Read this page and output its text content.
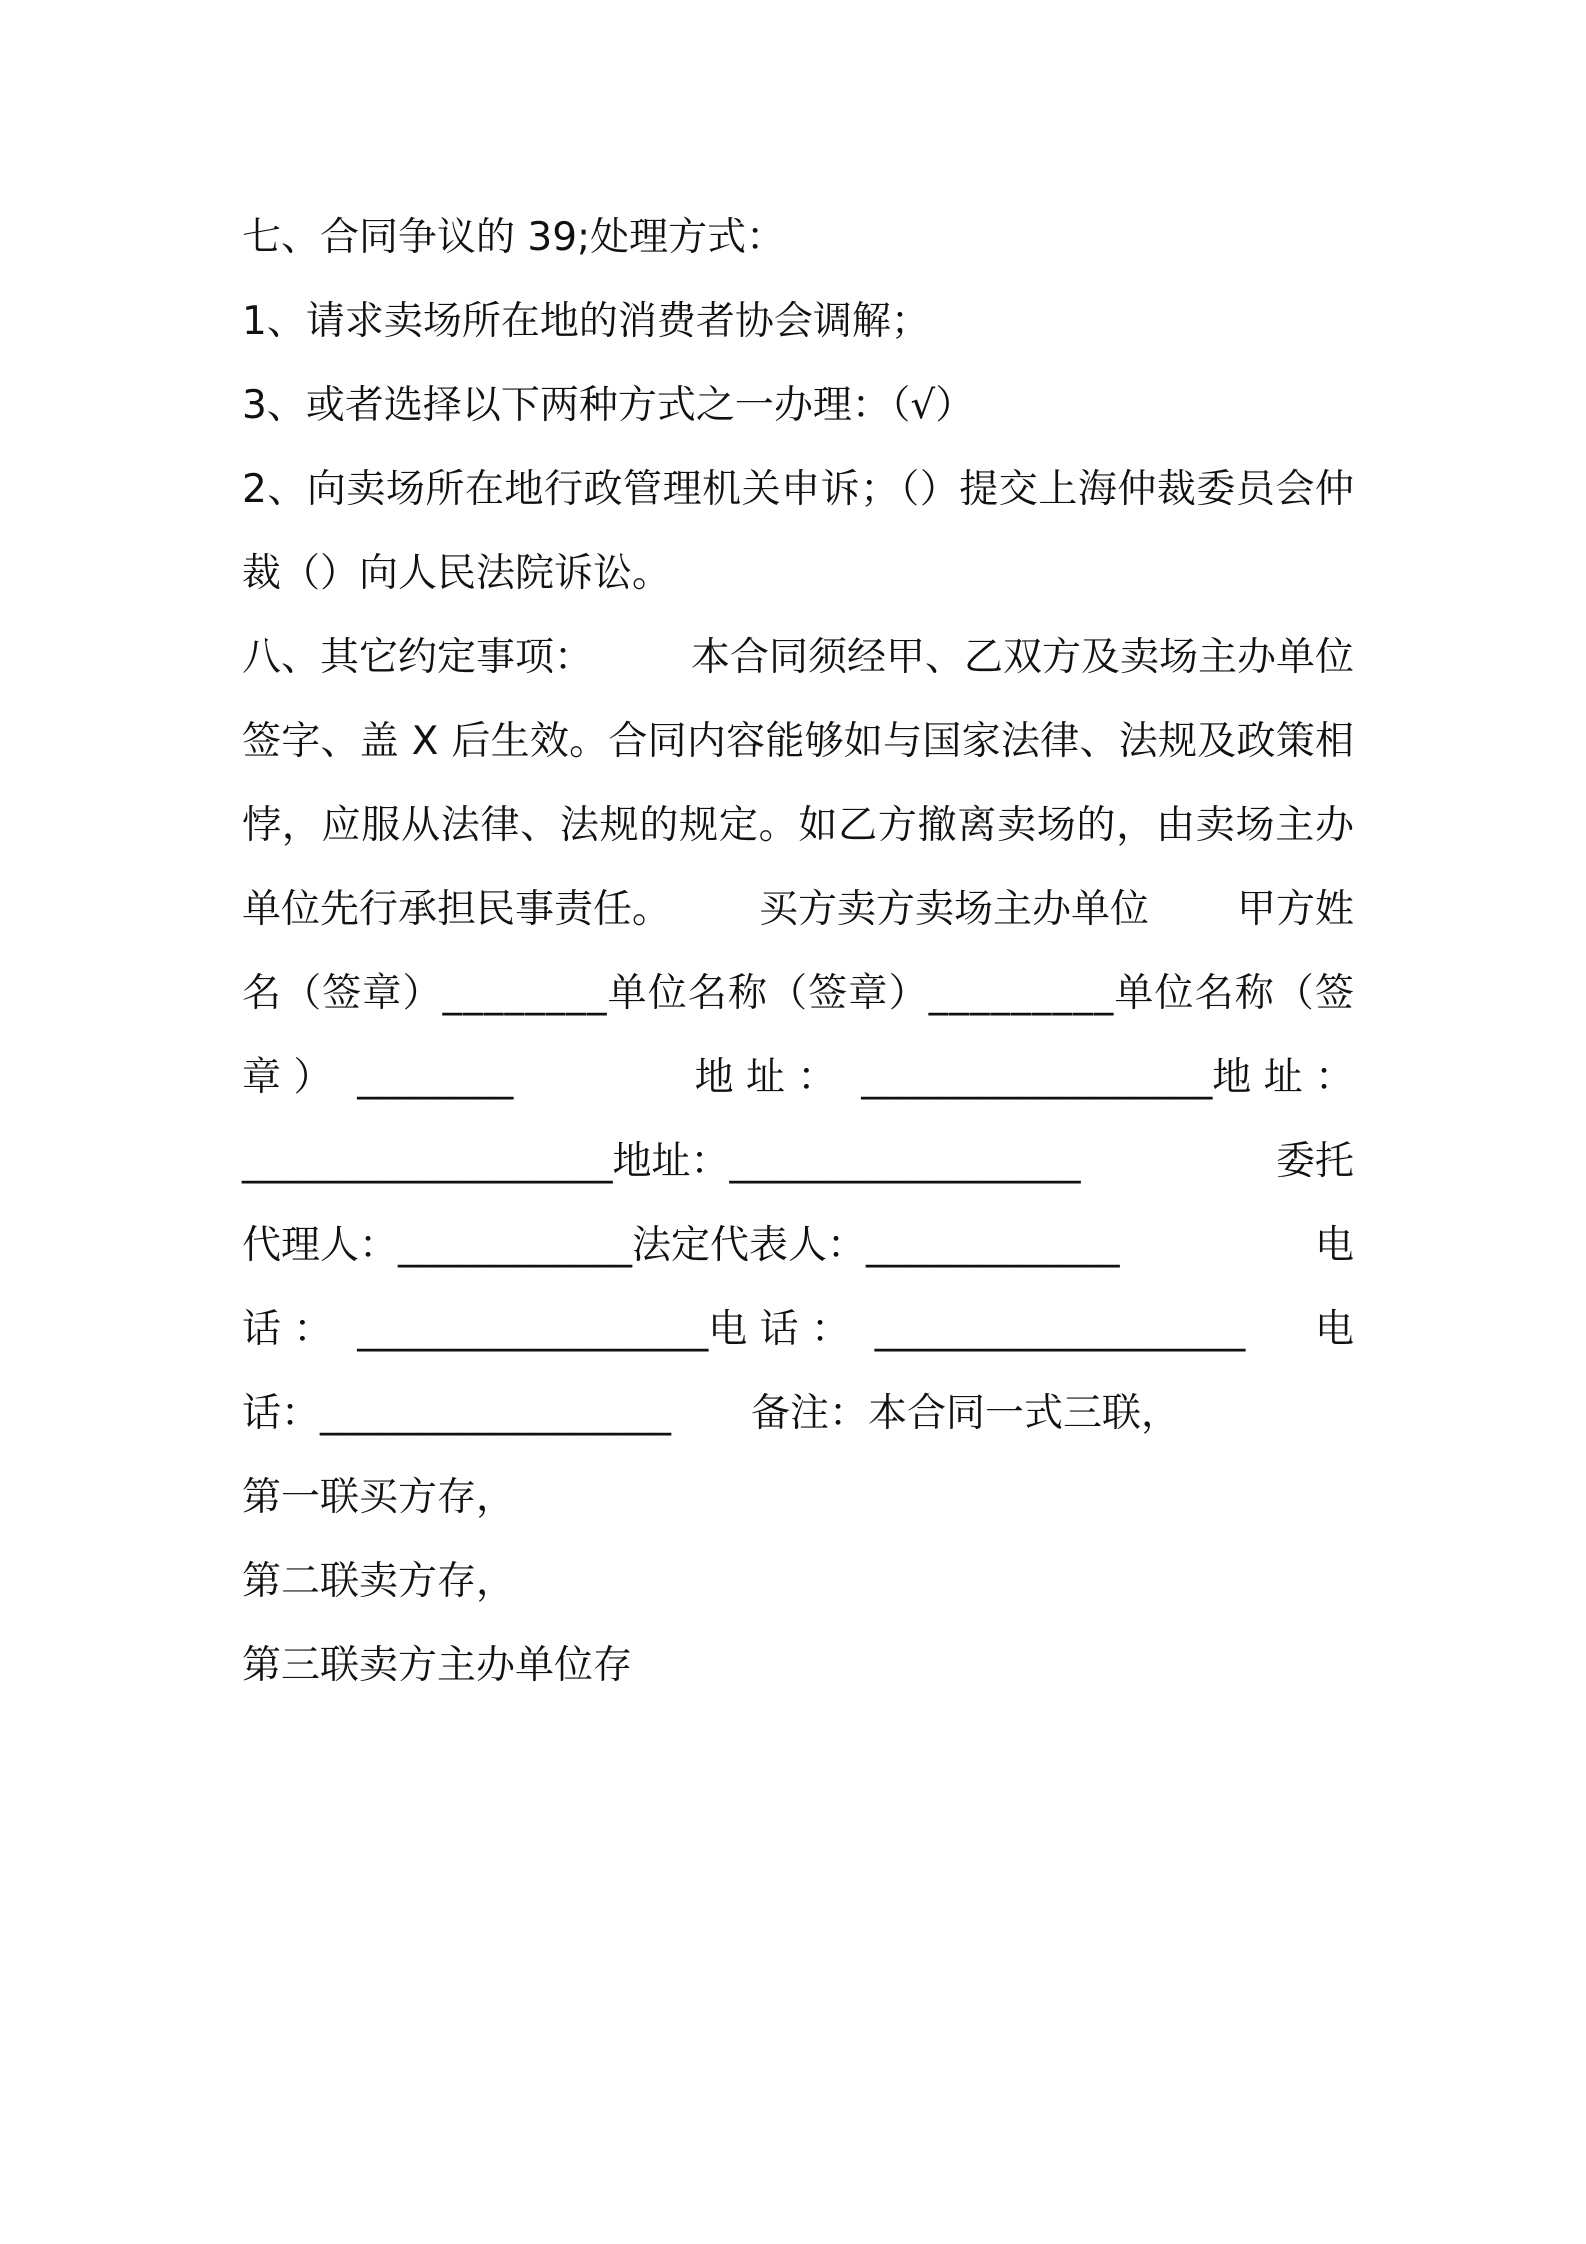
七、合同争议的 39;处理方式：

1、请求卖场所在地的消费者协会调解；

3、或者选择以下两种方式之一办理：（√）

2、向卖场所在地行政管理机关申诉；（）提交上海仲裁委员会仲

裁（）向人民法院诉讼。

八、其它约定事项：	本合同须经甲、乙双方及卖场主办单位
签字、盖 X 后生效。合同内容能够如与国家法律、法规及政策相
悖，应服从法律、法规的规定。如乙方撤离卖场的，由卖场主办
单位先行承担民事责任。 买方卖方卖场主办单位 甲方姓
名（签章）________单位名称（签章）_________单位名称（签
章 ）  ________	地 址 ：  __________________地 址 ：
___________________地址：__________________	委托
代理人：____________法定代表人：_____________	电
话 ：  __________________电 话 ：  ___________________ 电
话：__________________ 备注：本合同一式三联，

第一联买方存，

第二联卖方存，

第三联卖方主办单位存
